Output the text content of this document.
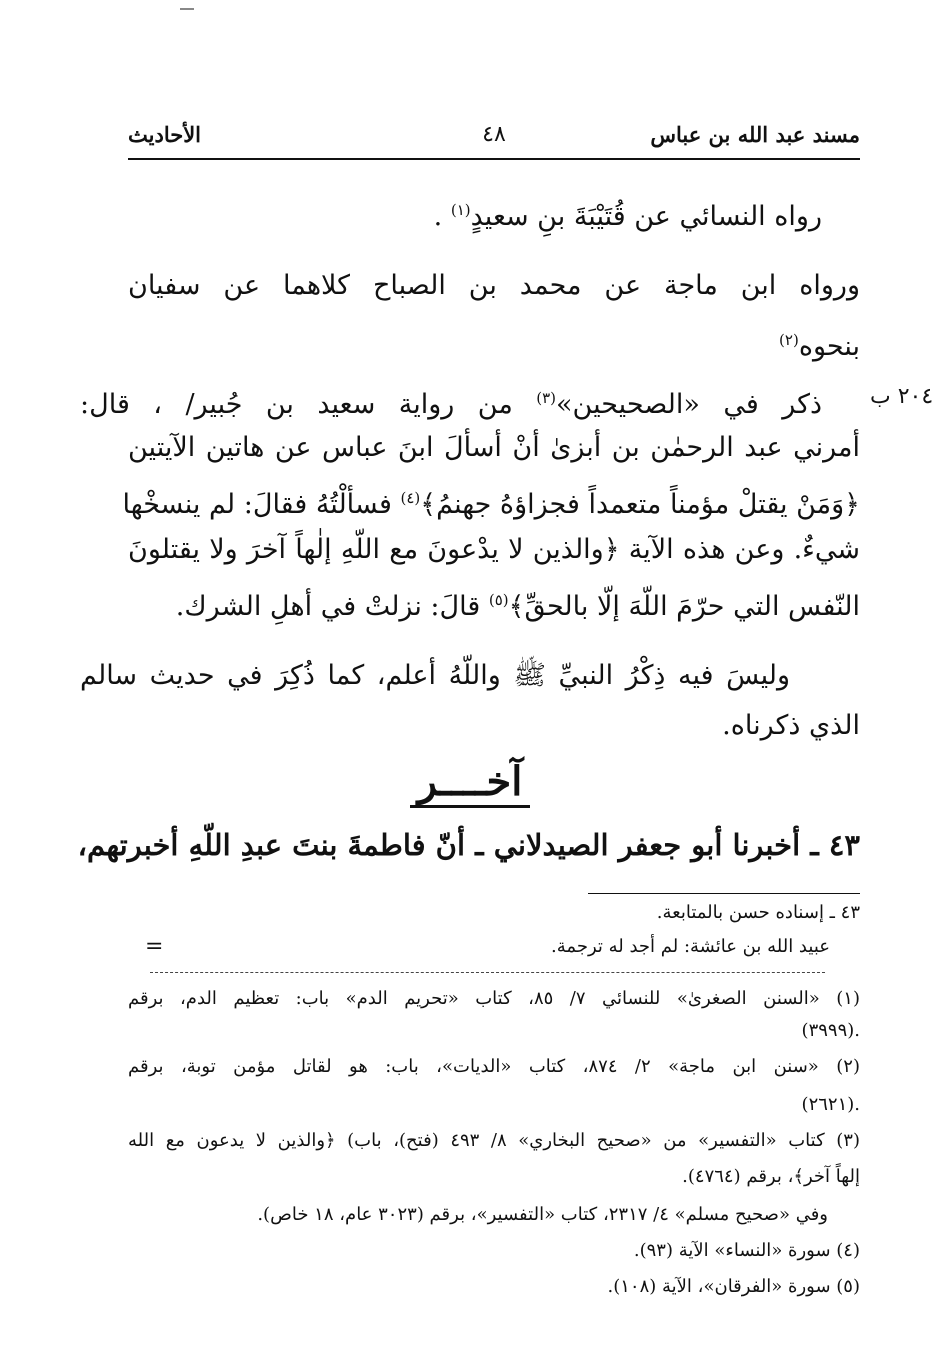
مسند عبد الله بن عباس
٤٨
الأحاديث
٢٠٤ ب
رواه النسائي عن قُتَيْبَةَ بنِ سعيدٍ$^{(١)}$ .
ورواه ابن ماجة عن محمد بن الصباح كلاهما عن سفيان
بنحوه$^{(٢)}$
ذكر في «الصحيحين»$^{(٣)}$ من رواية سعيد بن جُبير/ ، قال:
أمرني عبد الرحمٰن بن أبزىٰ أنْ أسألَ ابنَ عباس عن هاتين الآيتين
﴿وَمَنْ يقتلْ مؤمناً متعمداً فجزاؤهُ جهنمُ﴾$^{(٤)}$ فسألْتُهُ فقالَ: لم ينسخْها
شيءٌ. وعن هذه الآية ﴿والذين لا يدْعونَ مع اللّهِ إلٰهاً آخرَ ولا يقتلونَ
النّفس التي حرّمَ اللّهَ إلّا بالحقِّ﴾$^{(٥)}$ قالَ: نزلتْ في أهلِ الشرك.
وليسَ فيه ذِكْرُ النبيِّ ﷺ واللّهُ أعلم، كما ذُكِرَ في حديث سالم
الذي ذكرناه.
آخــــر
٤٣ ـ أخبرنا أبو جعفر الصيدلاني ـ أنّ فاطمةَ بنتَ عبدِ اللّهِ أخبرتهم،
٤٣ ـ إسناده حسن بالمتابعة.
عبيد الله بن عائشة: لم أجد له ترجمة.
=
(١) «السنن الصغرىٰ» للنسائي ٧/ ٨٥، كتاب «تحريم الدم» باب: تعظيم الدم، برقم
(٣٩٩٩).
(٢) «سنن ابن ماجة» ٢/ ٨٧٤، كتاب «الديات»، باب: هو لقاتل مؤمن توبة، برقم
(٢٦٢١).
(٣) كتاب «التفسير» من «صحيح البخاري» ٨/ ٤٩٣ (فتح)، باب) ﴿والذين لا يدعون مع الله
إلهاً آخر﴾، برقم (٤٧٦٤).
وفي «صحيح مسلم» ٤/ ٢٣١٧، كتاب «التفسير»، برقم (٣٠٢٣ عام، ١٨ خاص).
(٤) سورة «النساء» الآية (٩٣).
(٥) سورة «الفرقان»، الآية (١٠٨).
